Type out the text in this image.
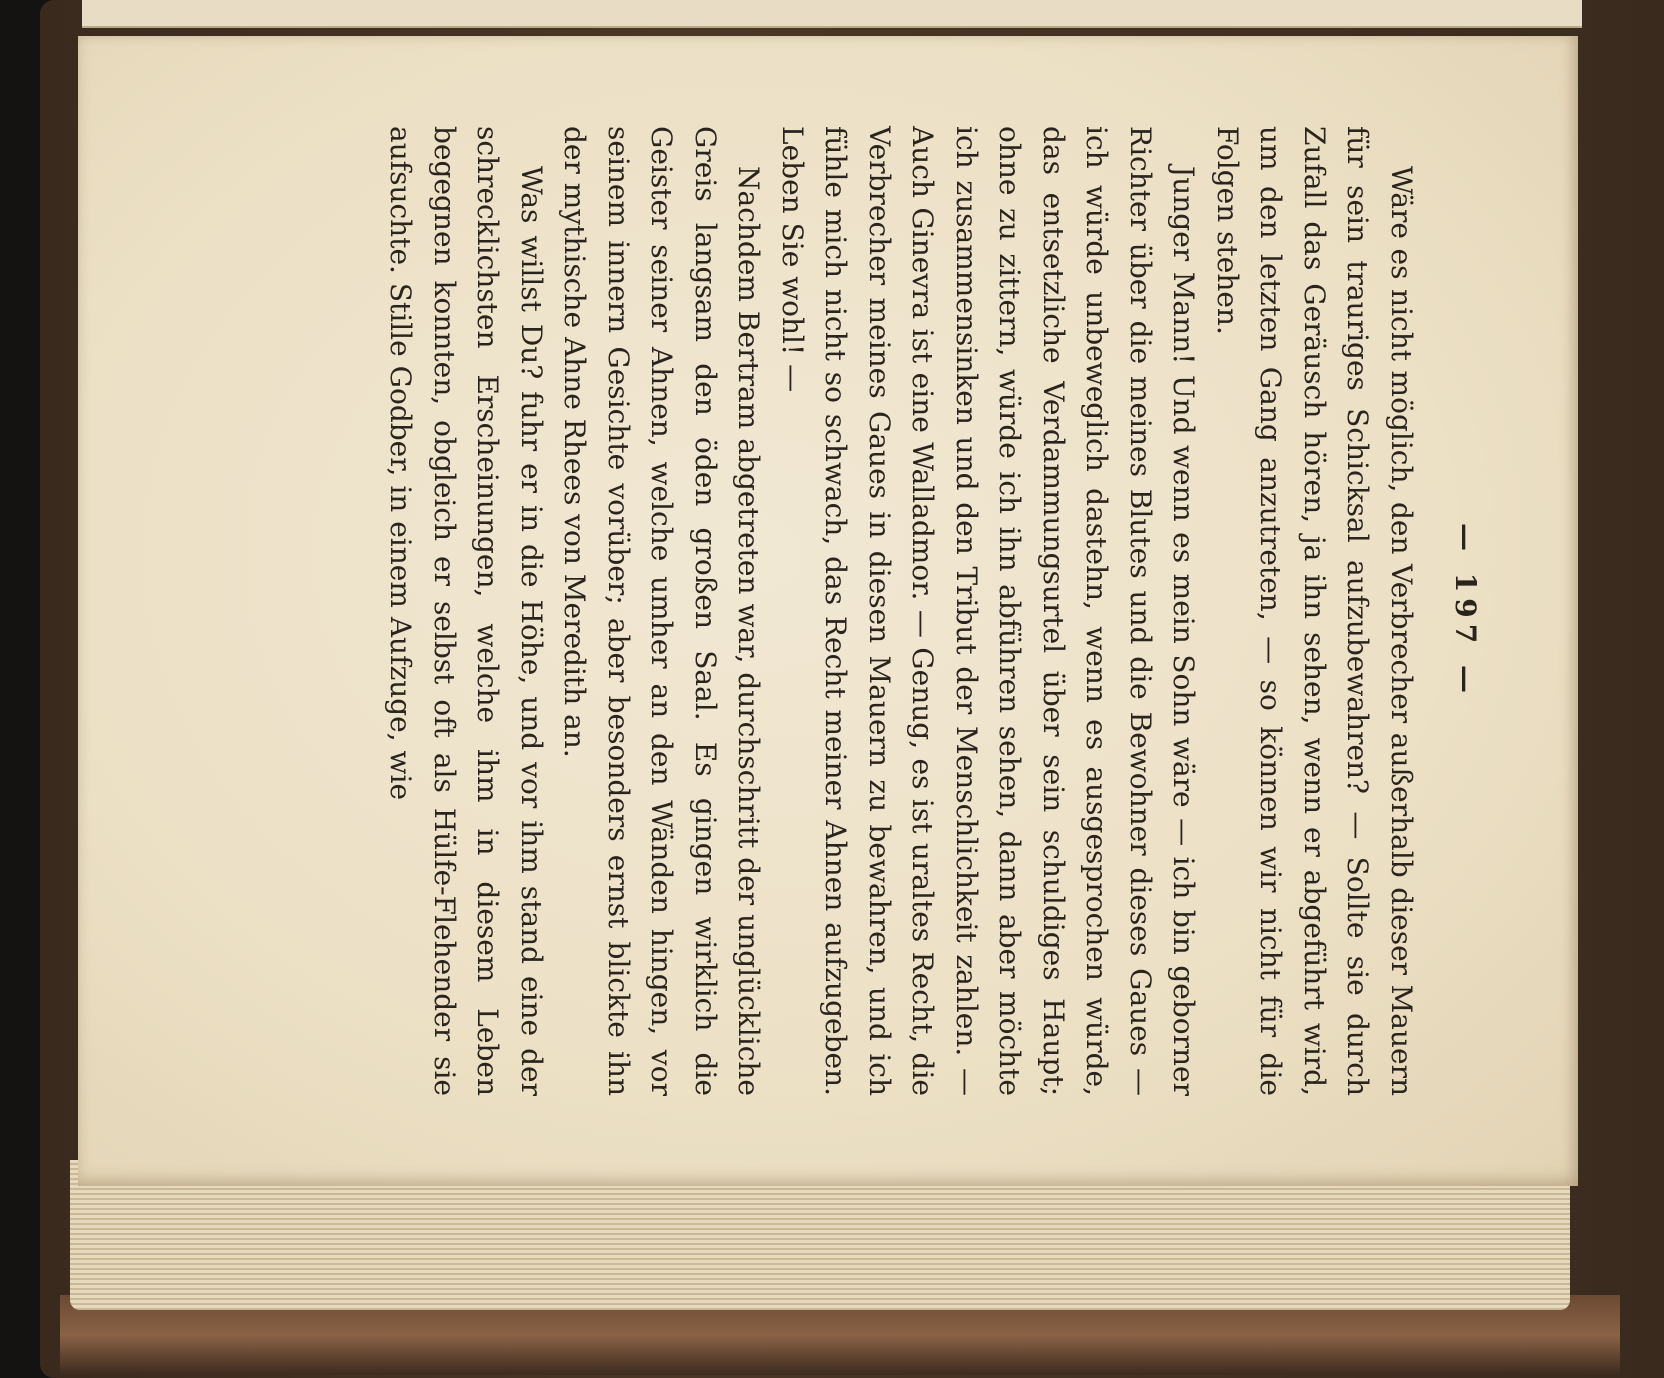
— 197 —

Wäre es nicht möglich, den Verbrecher außerhalb dieser Mauern für sein trauriges Schicksal aufzubewahren? — Sollte sie durch Zufall das Geräusch hören, ja ihn sehen, wenn er abgeführt wird, um den letzten Gang anzutreten, — so können wir nicht für die Folgen stehen.

Junger Mann! Und wenn es mein Sohn wäre — ich bin geborner Richter über die meines Blutes und die Bewohner dieses Gaues — ich würde unbeweglich dastehn, wenn es ausgesprochen würde, das entsetzliche Verdammungsurtel über sein schuldiges Haupt; ohne zu zittern, würde ich ihn abführen sehen, dann aber möchte ich zusammensinken und den Tribut der Menschlichkeit zahlen. — Auch Ginevra ist eine Walladmor. — Genug, es ist uraltes Recht, die Verbrecher meines Gaues in diesen Mauern zu bewahren, und ich fühle mich nicht so schwach, das Recht meiner Ahnen aufzugeben. Leben Sie wohl! —

Nachdem Bertram abgetreten war, durchschritt der unglückliche Greis langsam den öden großen Saal. Es gingen wirklich die Geister seiner Ahnen, welche umher an den Wänden hingen, vor seinem innern Gesichte vorüber; aber besonders ernst blickte ihn der mythische Ahne Rhees von Meredith an.

Was willst Du? fuhr er in die Höhe, und vor ihm stand eine der schrecklichsten Erscheinungen, welche ihm in diesem Leben begegnen konnten, obgleich er selbst oft als Hülfe-Flehender sie aufsuchte. Stille Godber, in einem Aufzuge, wie
